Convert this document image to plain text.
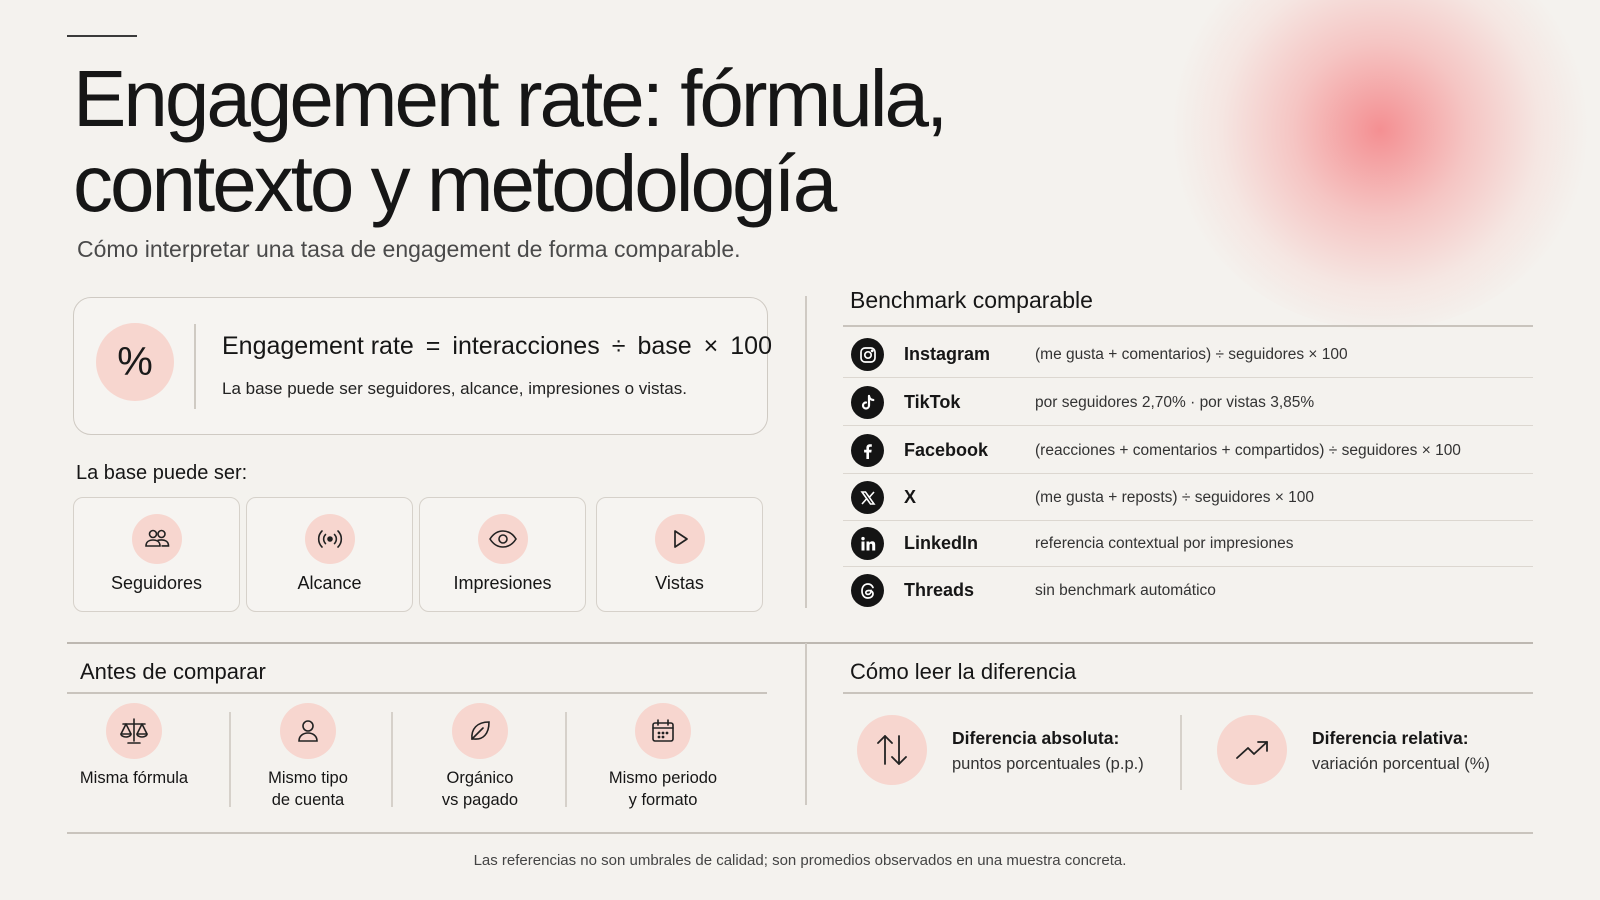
Engagement rate: fórmula,
contexto y metodología
Cómo interpretar una tasa de engagement de forma comparable.
%	Engagement rate = interacciones ÷ base × 100
La base puede ser seguidores, alcance, impresiones o vistas.
La base puede ser:
Seguidores	Alcance	Impresiones	Vistas
Benchmark comparable
Instagram	(me gusta + comentarios) ÷ seguidores × 100
TikTok	por seguidores 2,70% · por vistas 3,85%
Facebook	(reacciones + comentarios + compartidos) ÷ seguidores × 100
X	(me gusta + reposts) ÷ seguidores × 100
LinkedIn	referencia contextual por impresiones
Threads	sin benchmark automático
Antes de comparar
Misma fórmula	Mismo tipo
de cuenta
Orgánico
vs pagado
Mismo periodo
y formato
Cómo leer la diferencia
Diferencia absoluta:
puntos porcentuales (p.p.)
Diferencia relativa:
variación porcentual (%)
Las referencias no son umbrales de calidad; son promedios observados en una muestra concreta.
